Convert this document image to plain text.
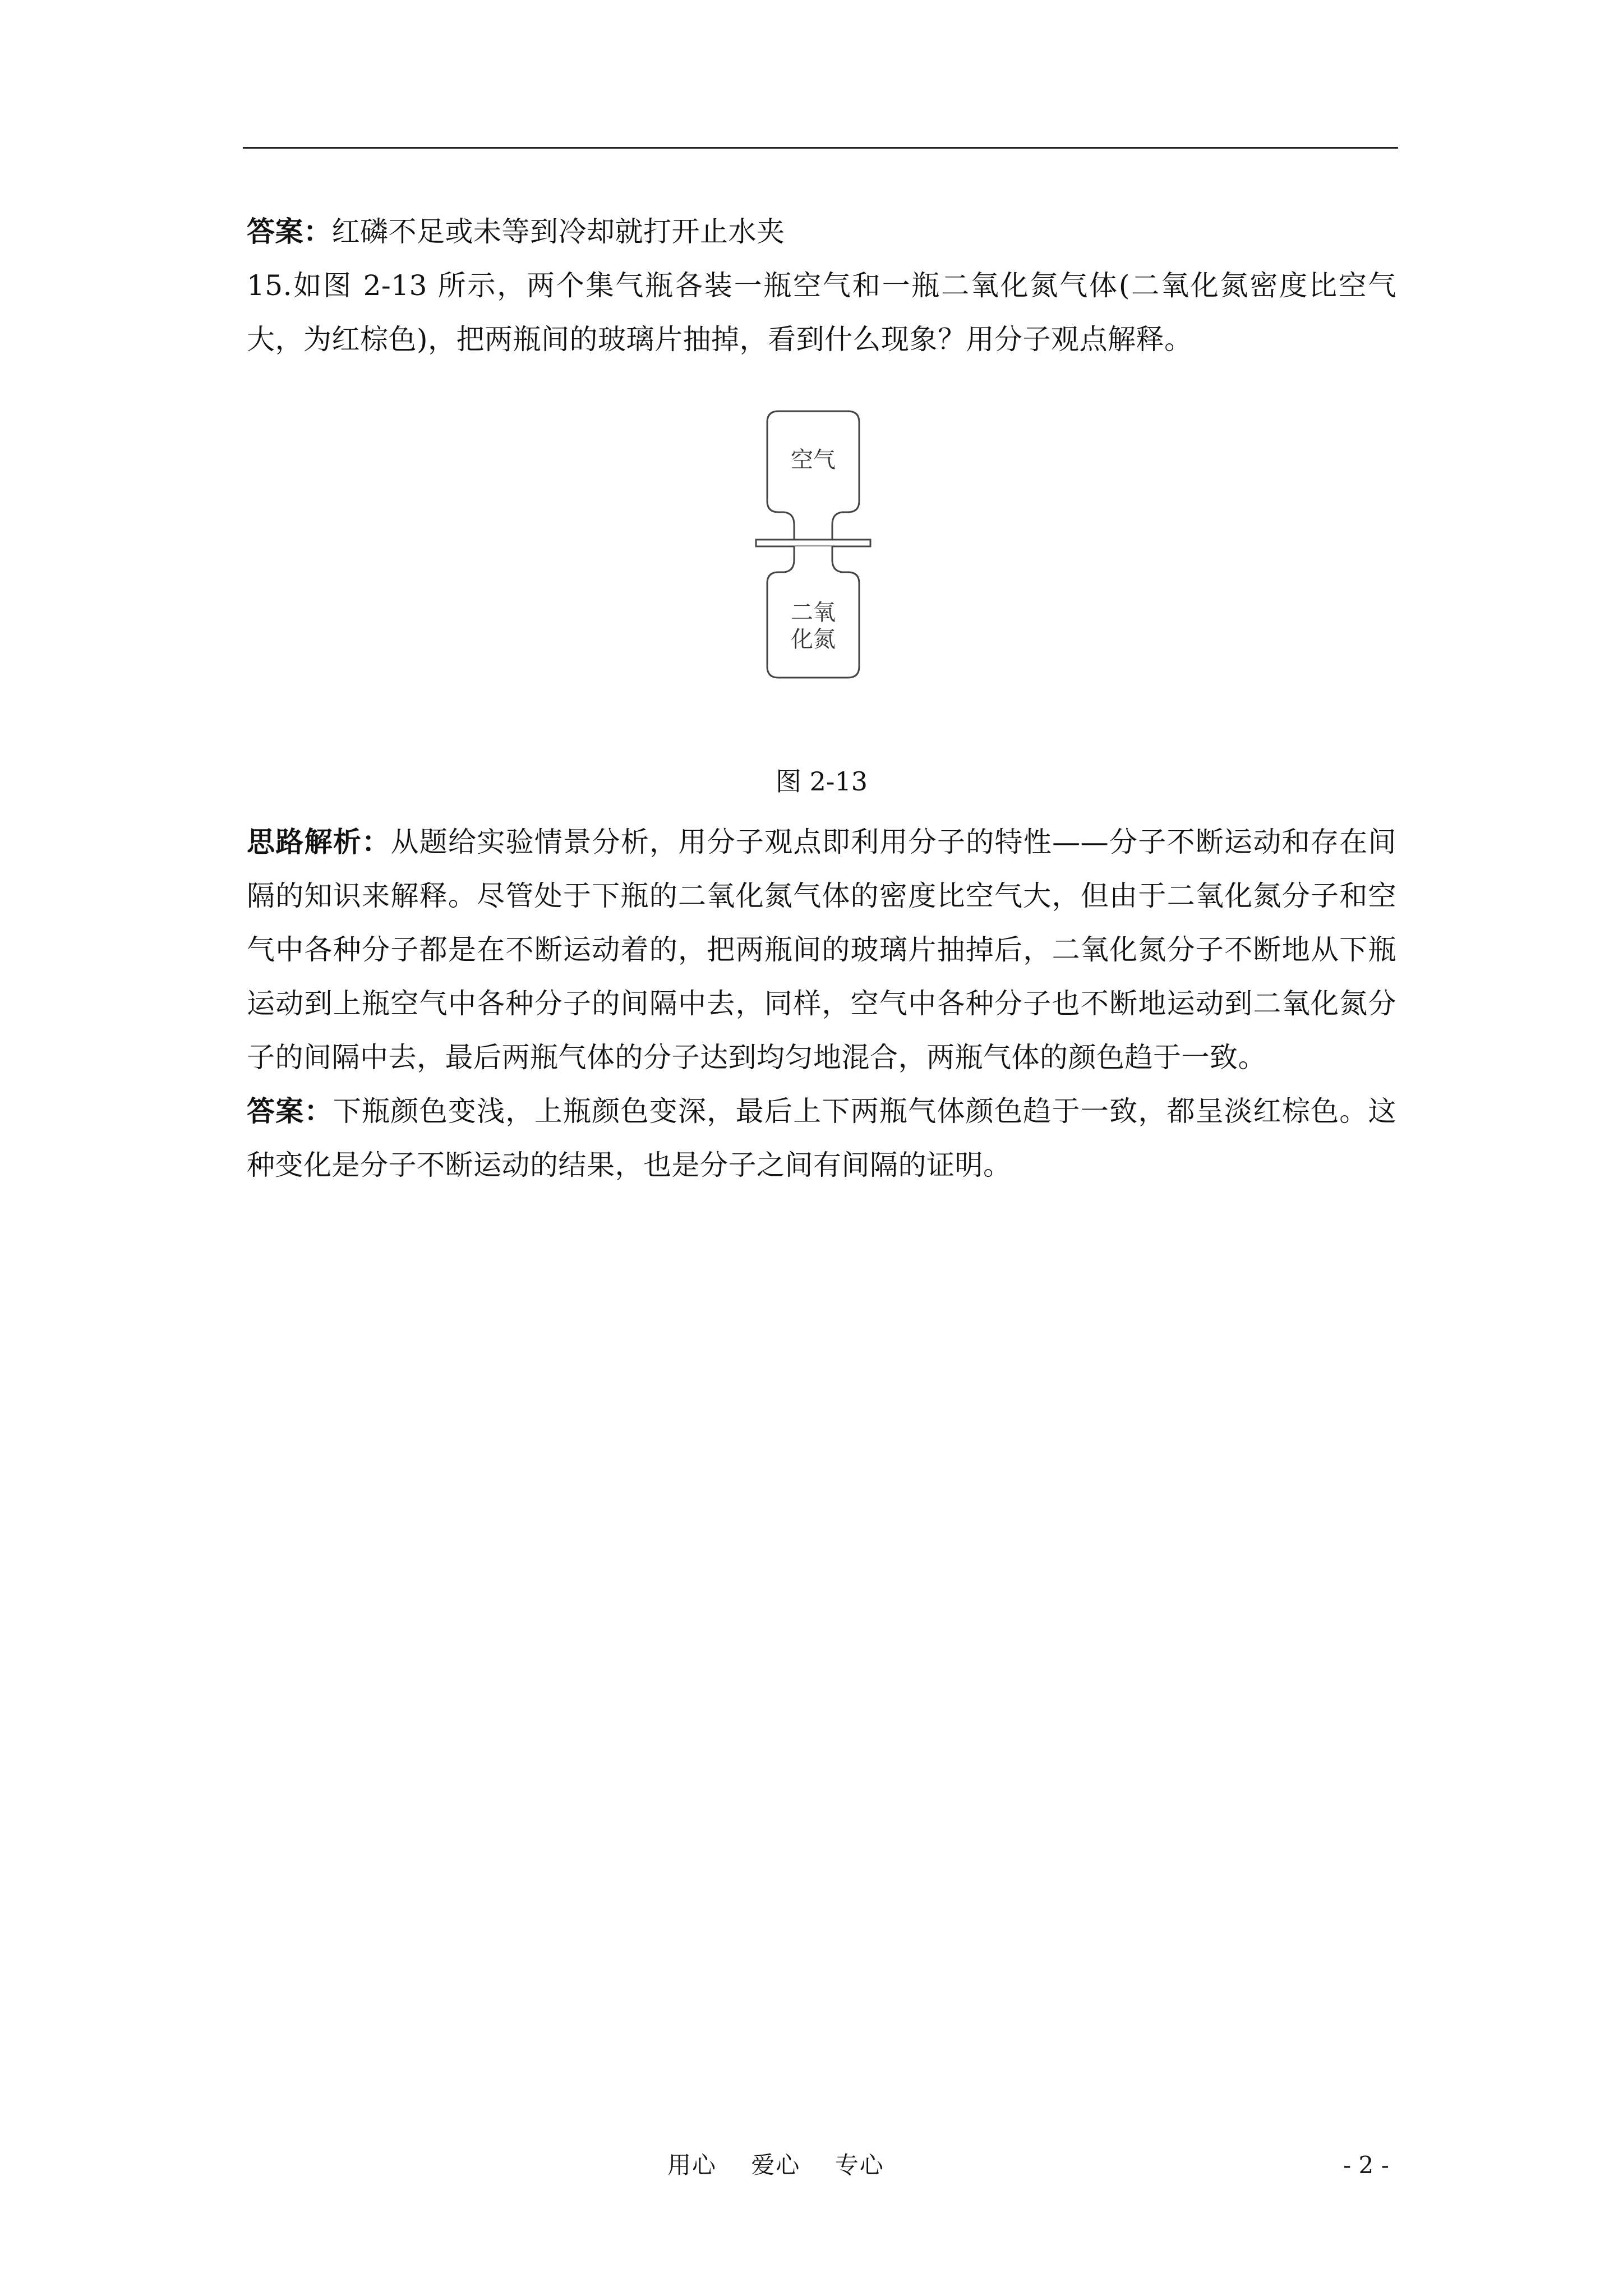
答案：红磷不足或未等到冷却就打开止水夹

15.如图 2-13 所示，两个集气瓶各装一瓶空气和一瓶二氧化氮气体(二氧化氮密度比空气大，为红棕色)，把两瓶间的玻璃片抽掉，看到什么现象？用分子观点解释。

空气
二氧
化氮

图 2-13

思路解析：从题给实验情景分析，用分子观点即利用分子的特性——分子不断运动和存在间隔的知识来解释。尽管处于下瓶的二氧化氮气体的密度比空气大，但由于二氧化氮分子和空气中各种分子都是在不断运动着的，把两瓶间的玻璃片抽掉后，二氧化氮分子不断地从下瓶运动到上瓶空气中各种分子的间隔中去，同样，空气中各种分子也不断地运动到二氧化氮分子的间隔中去，最后两瓶气体的分子达到均匀地混合，两瓶气体的颜色趋于一致。

答案：下瓶颜色变浅，上瓶颜色变深，最后上下两瓶气体颜色趋于一致，都呈淡红棕色。这种变化是分子不断运动的结果，也是分子之间有间隔的证明。

用心    爱心    专心	- 2 -
